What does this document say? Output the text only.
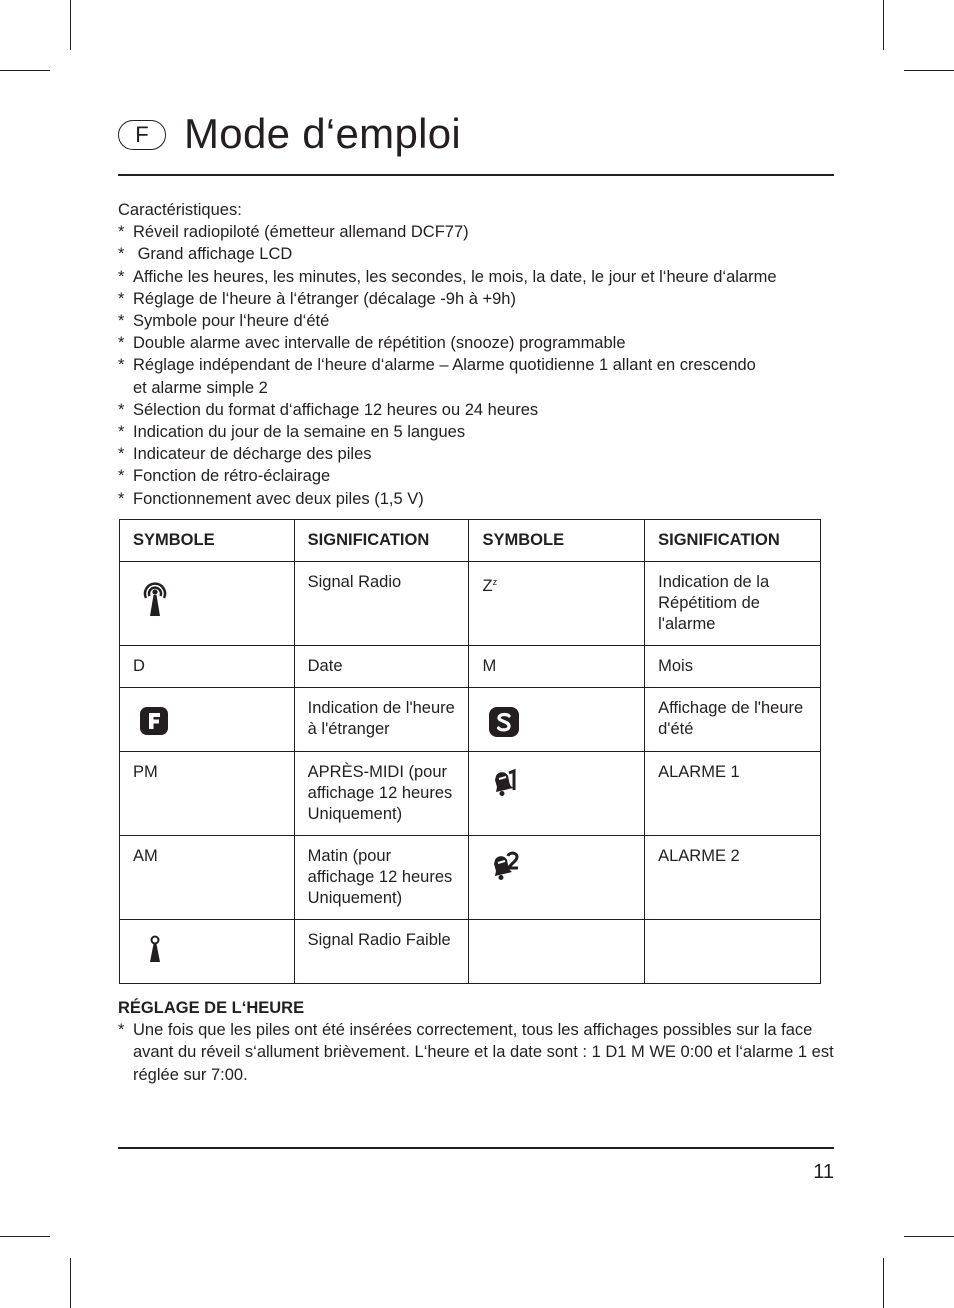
F Mode d‘emploi

Caractéristiques:

* Réveil radiopiloté (émetteur allemand DCF77)
*  Grand affichage LCD
* Affiche les heures, les minutes, les secondes, le mois, la date, le jour et l‘heure d‘alarme
* Réglage de l‘heure à l‘étranger (décalage -9h à +9h)
* Symbole pour l‘heure d‘été
* Double alarme avec intervalle de répétition (snooze) programmable
* Réglage indépendant de l‘heure d‘alarme – Alarme quotidienne 1 allant en crescendo et alarme simple 2
* Sélection du format d‘affichage 12 heures ou 24 heures
* Indication du jour de la semaine en 5 langues
* Indicateur de décharge des piles
* Fonction de rétro-éclairage
* Fonctionnement avec deux piles (1,5 V)
SYMBOLE	SIGNIFICATION	SYMBOLE	SIGNIFICATION
	Signal Radio	$Z^z$	Indication de la Répétitiom de l'alarme
D	Date	M	Mois
	Indication de l'heure à l'étranger		Affichage de l'heure d'été
PM	APRÈS-MIDI (pour affichage 12 heures Uniquement)		ALARME 1
AM	Matin (pour affichage 12 heures Uniquement)		ALARME 2
	Signal Radio Faible		
RÉGLAGE DE L‘HEURE
* Une fois que les piles ont été insérées correctement, tous les affichages possibles sur la face avant du réveil s‘allument brièvement. L‘heure et la date sont : 1 D1 M WE 0:00 et l‘alarme 1 est réglée sur 7:00.
11
